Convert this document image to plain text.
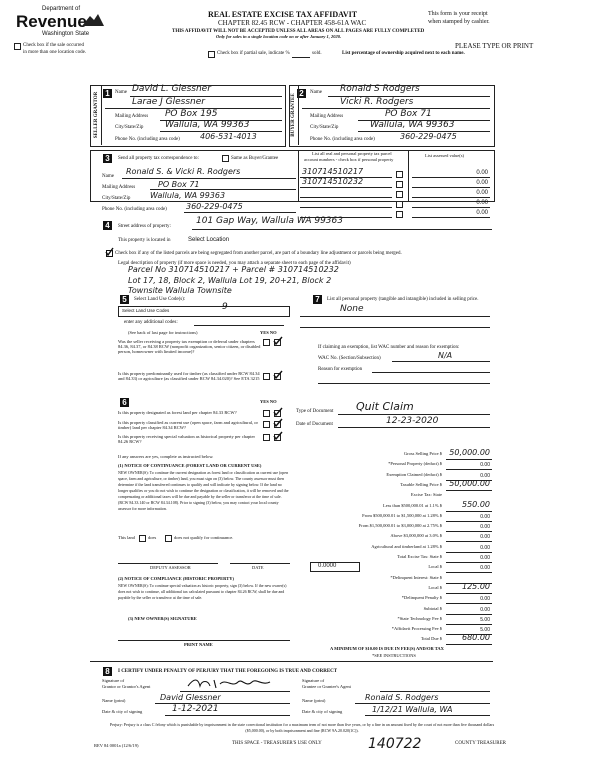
Department of
Revenue
Washington State
REAL ESTATE EXCISE TAX AFFIDAVIT
CHAPTER 82.45 RCW - CHAPTER 458-61A WAC
THIS AFFIDAVIT WILL NOT BE ACCEPTED UNLESS ALL AREAS ON ALL PAGES ARE FULLY COMPLETED
Only for sales in a single location code on or after January 1, 2020.
This form is your receipt
when stamped by cashier.
PLEASE TYPE OR PRINT
Check box if the sale occurred
in more than one location code.	Check box if partial sale, indicate %	sold.	List percentage of ownership acquired next to each name.
1
SELLER GRANTOR	Name David L. Glessner
Larae J Glessner
Mailing Address PO Box 195
City/State/Zip Wallula, WA 99363
Phone No. (including area code)	406-531-4013
2
BUYER GRANTEE
Name Ronald S Rodgers
Vicki R. Rodgers
Mailing Address	PO Box 71
City/State/Zip	Wallula, WA 99363
Phone No. (including area code)	360-229-0475
3	Send all property tax correspondence to:	Same as Buyer/Grantee
List all real and personal property tax parcel
account numbers - check box if personal property
List assessed value(s)
Name
Ronald S. & Vicki R. Rodgers
Mailing Address	PO Box 71
City/State/Zip Wallula, WA 99363
Phone No. (including area code) 360-229-0475
310714510217	0.00
310714510232	0.00
0.00
0.00
0.00
4	Street address of property:
101 Gap Way, Wallula WA 99363
This property is located in	Select Location
Check box if any of the listed parcels are being segregated from another parcel, are part of a boundary line adjustment or parcels being merged.
Legal description of property (if more space is needed, you may attach a separate sheet to each page of the affidavit)
Parcel No 310714510217 + Parcel # 310714510232
Lot 17, 18, Block 2, Wallula Lot 19, 20+21, Block 2
Townsite Wallula Townsite
5	Select Land Use Code(s):
Select Land Use Codes	9
enter any additional codes:
(See back of last page for instructions)	YES NO
Was the seller receiving a property tax exemption or deferral under chapters 84.36, 84.37, or 84.38 RCW (nonprofit organization, senior citizen, or disabled person, homeowner with limited income)?
Is this property predominantly used for timber (as classified under RCW 84.34 and 84.33) or agriculture (as classified under RCW 84.34.020)? See ETA 3215
6	YES NO
Is this property designated as forest land per chapter 84.33 RCW?
Is this property classified as current use (open space, farm and agricultural, or timber) land per chapter 84.34 RCW?
Is this property receiving special valuation as historical property per chapter 84.26 RCW?
If any answers are yes, complete as instructed below.
(1) NOTICE OF CONTINUANCE (FOREST LAND OR CURRENT USE)
NEW OWNER(S): To continue the current designation as forest land or classification as current use (open space, farm and agriculture, or timber) land, you must sign on (3) below. The county assessor must then determine if the land transferred continues to qualify and will indicate by signing below. If the land no longer qualifies or you do not wish to continue the designation or classification, it will be removed and the compensating or additional taxes will be due and payable by the seller or transferor at the time of sale. (RCW 84.33.140 or RCW 84.34.108). Prior to signing (3) below, you may contact your local county assessor for more information.
This land	does	does not qualify for continuance.
DEPUTY ASSESSOR	DATE
(2) NOTICE OF COMPLIANCE (HISTORIC PROPERTY)
NEW OWNER(S): To continue special valuation as historic property, sign (3) below. If the new owner(s) does not wish to continue, all additional tax calculated pursuant to chapter 84.26 RCW, shall be due and payable by the seller or transferor at the time of sale.
(3) NEW OWNER(S) SIGNATURE
PRINT NAME
7	List all personal property (tangible and intangible) included in selling price.
None
If claiming an exemption, list WAC number and reason for exemption:
WAC No. (Section/Subsection)	N/A
Reason for exemption
Type of Document Quit Claim
Date of Document	12-23-2020
Gross Selling Price $ 50,000.00
*Personal Property (deduct) $	0.00
Exemption Claimed (deduct) $	0.00
Taxable Selling Price $ 50,000.00
Excise Tax: State
Less than $500,000.01 at 1.1% $	550.00
From $500,000.01 to $1,500,000 at 1.28% $	0.00
From $1,500,000.01 to $3,000,000 at 2.75% $	0.00
Above $3,000,000 at 3.0% $	0.00
Agricultural and timberland at 1.28% $	0.00
Total Excise Tax: State $	0.00
Local $	0.00
*Delinquent Interest: State $
Local $	125.00
*Delinquent Penalty $	0.00
Subtotal $	0.00
*State Technology Fee $	5.00
*Affidavit Processing Fee $	5.00
Total Due $	680.00
0.0000
A MINIMUM OF $10.00 IS DUE IN FEE(S) AND/OR TAX
*SEE INSTRUCTIONS
8	I CERTIFY UNDER PENALTY OF PERJURY THAT THE FOREGOING IS TRUE AND CORRECT
Signature of
Grantor or Grantor's Agent
Name (print)	David Glessner
Date & city of signing	1-12-2021
Signature of
Grantee or Grantee's Agent
Name (print)	Ronald S. Rodgers
Date & city of signing	1/12/21 Wallula, WA
Perjury: Perjury is a class C felony which is punishable by imprisonment in the state correctional institution for a maximum term of not more than five years, or by a fine in an amount fixed by the court of not more than five thousand dollars ($5,000.00), or by both imprisonment and fine (RCW 9A.20.020(1C)).
REV 84 0001a (12/6/19)	THIS SPACE - TREASURER'S USE ONLY	140722	COUNTY TREASURER
